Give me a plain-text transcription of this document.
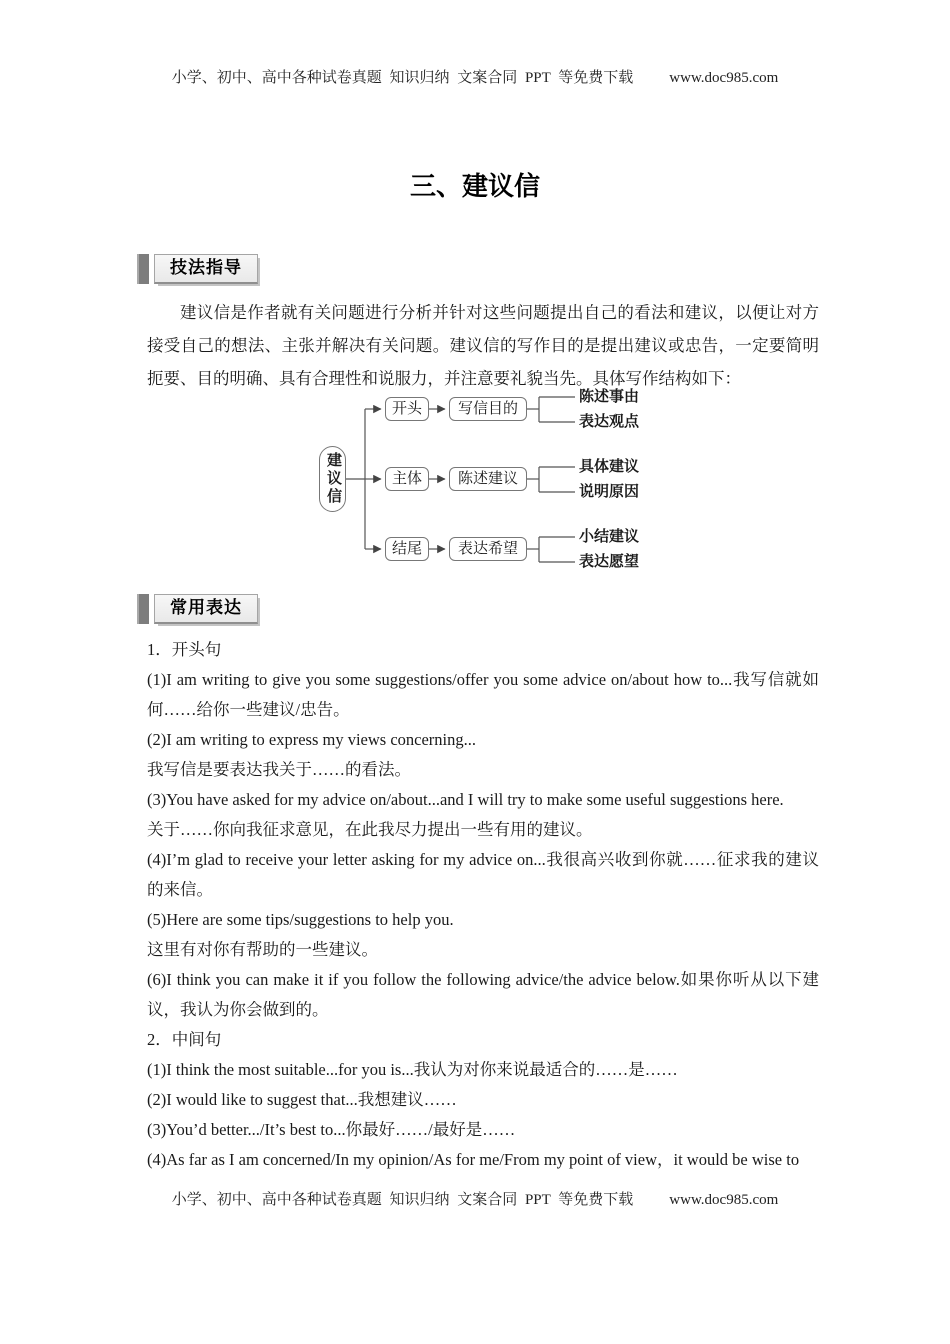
小学、初中、高中各种试卷真题 知识归纳 文案合同 PPT 等免费下载 www.doc985.com
三、建议信
技法指导

建议信是作者就有关问题进行分析并针对这些问题提出自己的看法和建议，以便让对方接受自己的想法、主张并解决有关问题。建议信的写作目的是提出建议或忠告，一定要简明扼要、目的明确、具有合理性和说服力，并注意要礼貌当先。具体写作结构如下：

建议信
开头	写信目的
陈述事由
表达观点
主体	陈述建议
具体建议
说明原因
结尾	表达希望
小结建议
表达愿望
常用表达

1．开头句

(1)I am writing to give you some suggestions/offer you some advice on/about how to...我写信就如何……给你一些建议/忠告。

(2)I am writing to express my views concerning...

我写信是要表达我关于……的看法。

(3)You have asked for my advice on/about...and I will try to make some useful suggestions here.

关于……你向我征求意见，在此我尽力提出一些有用的建议。

(4)I’m glad to receive your letter asking for my advice on...我很高兴收到你就……征求我的建议的来信。

(5)Here are some tips/suggestions to help you.

这里有对你有帮助的一些建议。

(6)I think you can make it if you follow the following advice/the advice below.如果你听从以下建议，我认为你会做到的。

2．中间句

(1)I think the most suitable...for you is...我认为对你来说最适合的……是……

(2)I would like to suggest that...我想建议……

(3)You’d better.../It’s best to...你最好……/最好是……

(4)As far as I am concerned/In my opinion/As for me/From my point of view，it would be wise to

小学、初中、高中各种试卷真题 知识归纳 文案合同 PPT 等免费下载 www.doc985.com
